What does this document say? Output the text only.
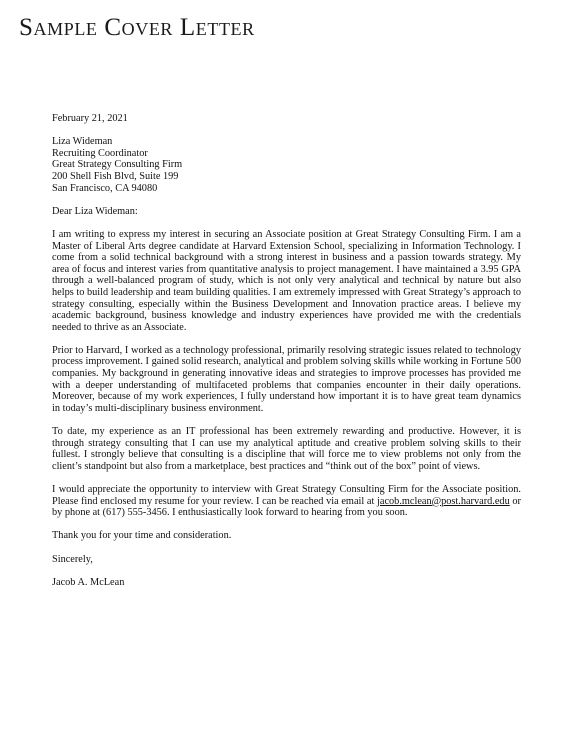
Sample Cover Letter

February 21, 2021

Liza Wideman
Recruiting Coordinator
Great Strategy Consulting Firm
200 Shell Fish Blvd, Suite 199
San Francisco, CA 94080

Dear Liza Wideman:

I am writing to express my interest in securing an Associate position at Great Strategy Consulting Firm. I am a Master of Liberal Arts degree candidate at Harvard Extension School, specializing in Information Technology. I come from a solid technical background with a strong interest in business and a passion towards strategy. My area of focus and interest varies from quantitative analysis to project management. I have maintained a 3.95 GPA through a well-balanced program of study, which is not only very analytical and technical by nature but also helps to build leadership and team building qualities. I am extremely impressed with Great Strategy’s approach to strategy consulting, especially within the Business Development and Innovation practice areas. I believe my academic background, business knowledge and industry experiences have provided me with the credentials needed to thrive as an Associate.

Prior to Harvard, I worked as a technology professional, primarily resolving strategic issues related to technology process improvement. I gained solid research, analytical and problem solving skills while working in Fortune 500 companies. My background in generating innovative ideas and strategies to improve processes has provided me with a deeper understanding of multifaceted problems that companies encounter in their daily operations. Moreover, because of my work experiences, I fully understand how important it is to have great team dynamics in today’s multi-disciplinary business environment.

To date, my experience as an IT professional has been extremely rewarding and productive. However, it is through strategy consulting that I can use my analytical aptitude and creative problem solving skills to their fullest. I strongly believe that consulting is a discipline that will force me to view problems not only from the client’s standpoint but also from a marketplace, best practices and “think out of the box” point of views.

I would appreciate the opportunity to interview with Great Strategy Consulting Firm for the Associate position. Please find enclosed my resume for your review. I can be reached via email at jacob.mclean@post.harvard.edu or by phone at (617) 555-3456. I enthusiastically look forward to hearing from you soon.

Thank you for your time and consideration.

Sincerely,

Jacob A. McLean
